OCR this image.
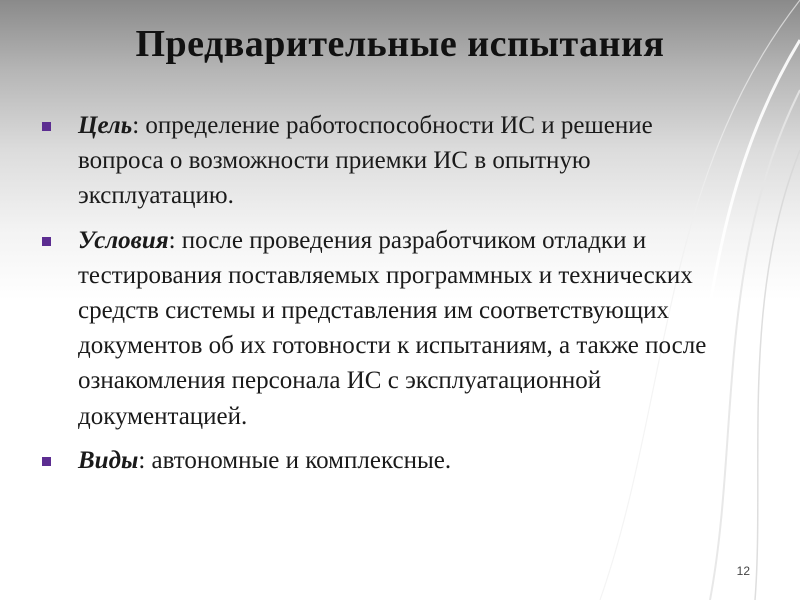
Предварительные испытания
Цель: определение работоспособности ИС и решение вопроса о возможности приемки ИС в опытную эксплуатацию.
Условия: после проведения разработчиком отладки и тестирования поставляемых программных и технических средств системы и представления им соответствующих документов об их готовности к испытаниям, а также после ознакомления персонала ИС с эксплуатационной документацией.
Виды: автономные и комплексные.
12
